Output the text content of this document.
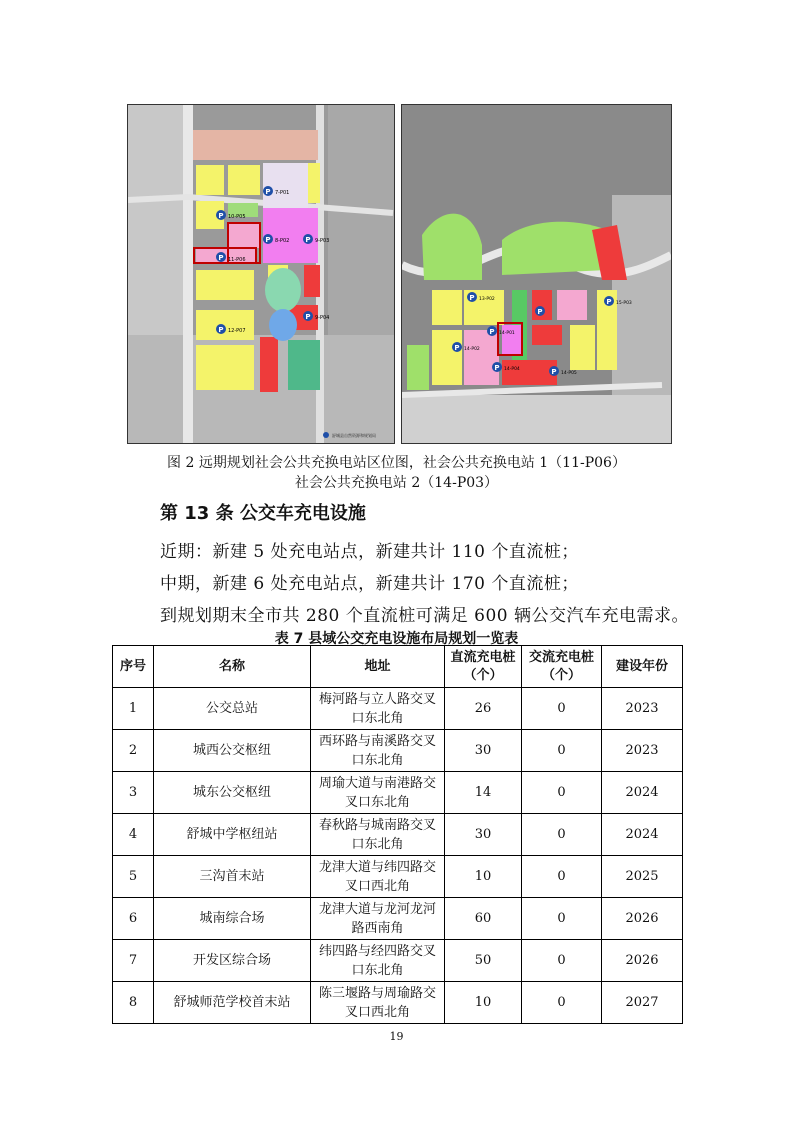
P
P
P	P
P
P
P
7-P01
10-P05
8-P02	9-P03
11-P06
9-P04
12-P07
舒城县自然资源和规划局
P
P
P
P
P
P	P
13-P02
14-P01
14-P02
15-P03
14-P04
14-P05
图 2 远期规划社会公共充换电站区位图，社会公共充换电站 1（11-P06）
社会公共充换电站 2（14-P03）
第 13 条 公交车充电设施
近期：新建 5 处充电站点，新建共计 110 个直流桩；
中期，新建 6 处充电站点，新建共计 170 个直流桩；
到规划期末全市共 280 个直流桩可满足 600 辆公交汽车充电需求。
表 7 县域公交充电设施布局规划一览表
序号	名称	地址	直流充电桩（个）	交流充电桩（个）	建设年份
1	公交总站	梅河路与立人路交叉口东北角	26	0	2023
2	城西公交枢纽	西环路与南溪路交叉口东北角	30	0	2023
3	城东公交枢纽	周瑜大道与南港路交叉口东北角	14	0	2024
4	舒城中学枢纽站	春秋路与城南路交叉口东北角	30	0	2024
5	三沟首末站	龙津大道与纬四路交叉口西北角	10	0	2025
6	城南综合场	龙津大道与龙河龙河路西南角	60	0	2026
7	开发区综合场	纬四路与经四路交叉口东北角	50	0	2026
8	舒城师范学校首末站	陈三堰路与周瑜路交叉口西北角	10	0	2027
19
